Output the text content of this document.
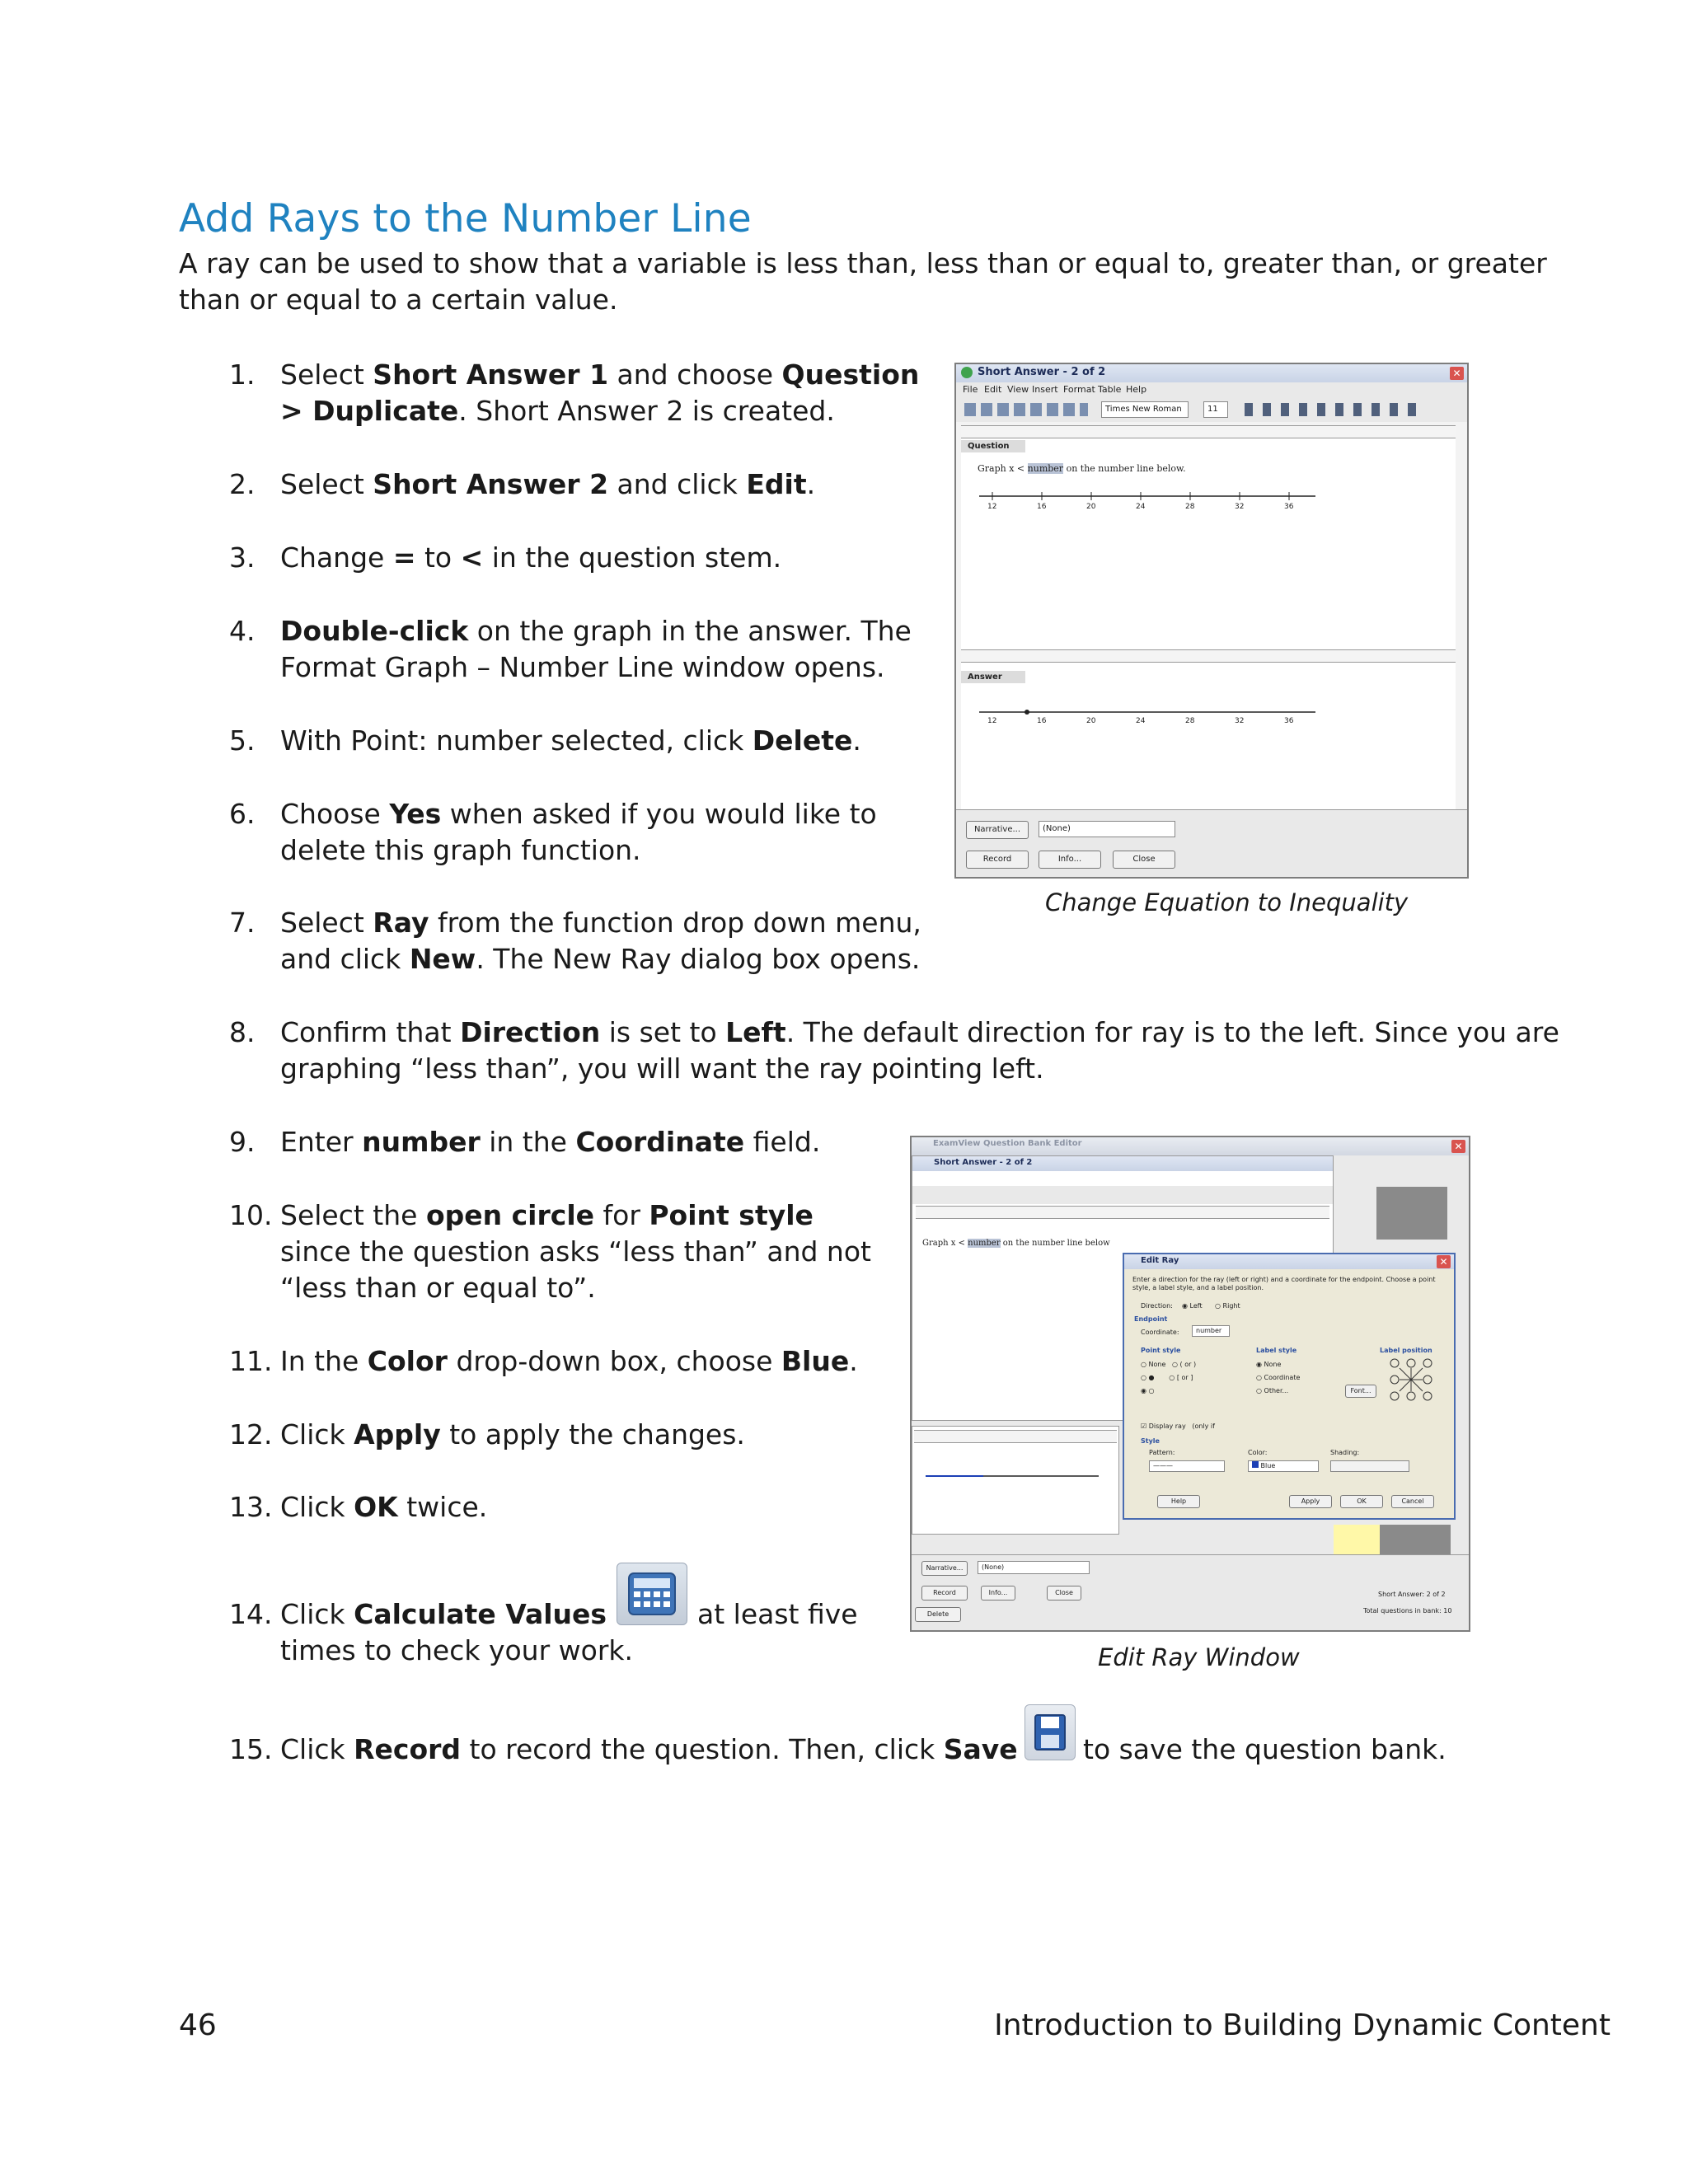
Add Rays to the Number Line
A ray can be used to show that a variable is less than, less than or equal to, greater than, or greater than or equal to a certain value.
1. Select Short Answer 1 and choose Question > Duplicate. Short Answer 2 is created.
2. Select Short Answer 2 and click Edit.
3. Change = to < in the question stem.
4. Double-click on the graph in the answer. The Format Graph – Number Line window opens.
5. With Point: number selected, click Delete.
6. Choose Yes when asked if you would like to delete this graph function.
7. Select Ray from the function drop down menu, and click New. The New Ray dialog box opens.
8. Confirm that Direction is set to Left. The default direction for ray is to the left. Since you are graphing “less than”, you will want the ray pointing left.
9. Enter number in the Coordinate field.
10. Select the open circle for Point style since the question asks “less than” and not “less than or equal to”.
11. In the Color drop-down box, choose Blue.
12. Click Apply to apply the changes.
13. Click OK twice.
14. Click Calculate Values	at least five
times to check your work.
15. Click Record to record the question. Then, click Save to save the question bank.
Short Answer - 2 of 2	✕
File Edit View Insert Format Table Help
Times New Roman	11
Question
Graph x < number on the number line below.
12	16	20	24	28	32	36
Answer
12	16	20	24	28	32	36
Narrative...	(None)
Record	Info...	Close
Change Equation to Inequality
ExamView Question Bank Editor	✕
Short Answer - 2 of 2
Graph x < number on the number line below
Edit Ray	✕
Enter a direction for the ray (left or right) and a coordinate for the endpoint. Choose a point style, a label style, and a label position.
Direction: ◉ Left ○ Right
Endpoint
Coordinate:	number
Point style	Label style	Label position
○ None   ○ ( or )
○ ●       ○ [ or ]
◉ ○
◉ None
○ Coordinate
○ Other...	Font...
☑ Display ray (only if
Style
Pattern:	Color:	Shading:
———	Blue
Help	Apply	OK	Cancel
Narrative...	(None)
Record	Info...	Close
Delete
Short Answer: 2 of 2
Total questions in bank: 10
Edit Ray Window
46	Introduction to Building Dynamic Content
